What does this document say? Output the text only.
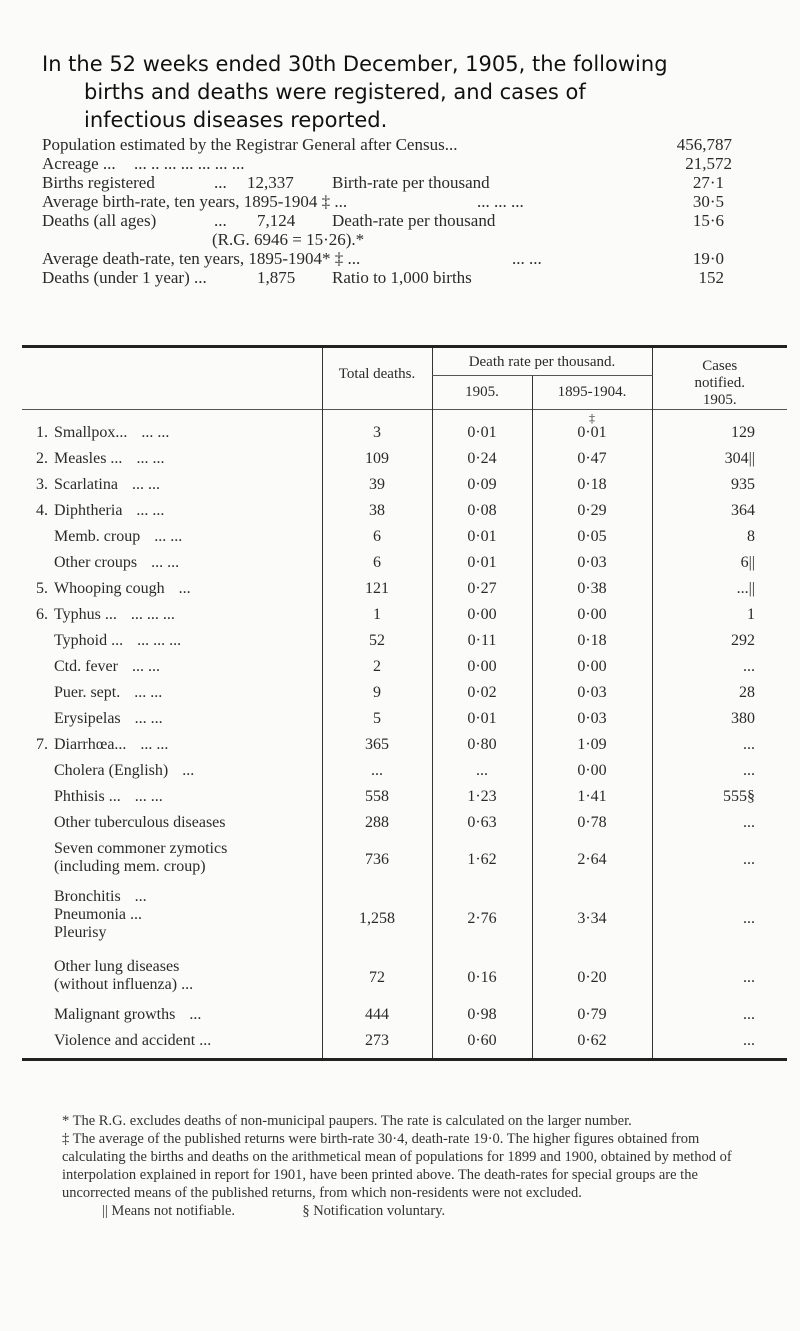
In the 52 weeks ended 30th December, 1905, the following
births and deaths were registered, and cases of
infectious diseases reported.
Population estimated by the Registrar General after Census...	456,787
Acreage ... ... .. ... ... ... ... ...	21,572
Births registered	... 12,337 Birth-rate per thousand	27·1
Average birth-rate, ten years, 1895-1904 ‡ ...	... ... ...	30·5
Deaths (all ages)	... 7,124 Death-rate per thousand	15·6
(R.G. 6946 = 15·26).*
Average death-rate, ten years, 1895-1904* ‡ ...	... ...	19·0
Deaths (under 1 year) ...	1,875 Ratio to 1,000 births	152
	Total deaths.	Death rate per thousand.		Cases notified. 1905.
		1905.	1895-1904.	
			‡	
1. Smallpox... ... ...	3	0·01	0·01	129
2. Measles ... ... ...	109	0·24	0·47	304||
3. Scarlatina ... ...	39	0·09	0·18	935
4. Diphtheria ... ...	38	0·08	0·29	364
Memb. croup ... ...	6	0·01	0·05	8
Other croups ... ...	6	0·01	0·03	6||
5. Whooping cough ...	121	0·27	0·38	...||
6. Typhus ... ... ... ...	1	0·00	0·00	1
Typhoid ... ... ... ...	52	0·11	0·18	292
Ctd. fever ... ...	2	0·00	0·00	...
Puer. sept. ... ...	9	0·02	0·03	28
Erysipelas ... ...	5	0·01	0·03	380
7. Diarrhœa... ... ...	365	0·80	1·09	...
Cholera (English) ...	...	...	0·00	...
Phthisis ... ... ...	558	1·23	1·41	555§
Other tuberculous diseases	288	0·63	0·78	...
Seven commoner zymotics
(including mem. croup)	736	1·62	2·64	...
Bronchitis ...
Pneumonia ...
Pleurisy	1,258	2·76	3·34	...
Other lung diseases
(without influenza) ...	72	0·16	0·20	...
Malignant growths ...	444	0·98	0·79	...
Violence and accident ...	273	0·60	0·62	...

* The R.G. excludes deaths of non-municipal paupers. The rate is calculated on the larger number.

‡ The average of the published returns were birth-rate 30·4, death-rate 19·0. The higher figures obtained from calculating the births and deaths on the arithmetical mean of populations for 1899 and 1900, obtained by method of interpolation explained in report for 1901, have been printed above. The death-rates for special groups are the uncorrected means of the published returns, from which non-residents were not excluded.

|| Means not notifiable.	§ Notification voluntary.
